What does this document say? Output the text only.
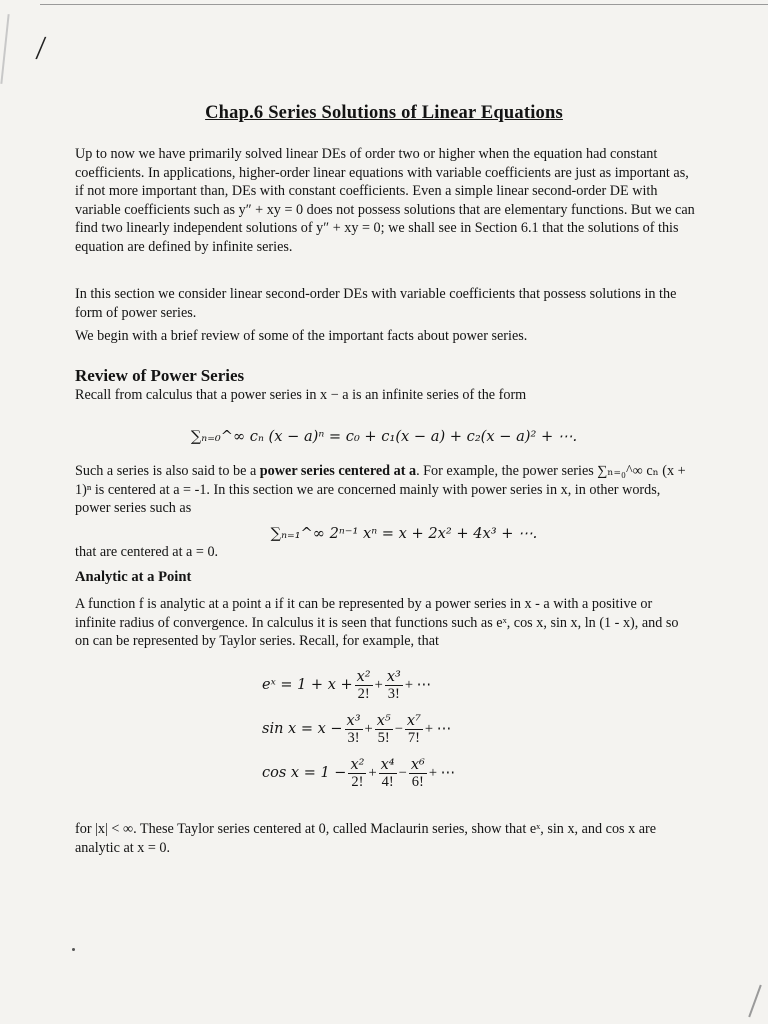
/
Chap.6 Series Solutions of Linear Equations
Up to now we have primarily solved linear DEs of order two or higher when the equation had constant coefficients. In applications, higher-order linear equations with variable coefficients are just as important as, if not more important than, DEs with constant coefficients. Even a simple linear second-order DE with variable coefficients such as y″ + xy = 0 does not possess solutions that are elementary functions. But we can find two linearly independent solutions of y″ + xy = 0; we shall see in Section 6.1 that the solutions of this equation are defined by infinite series.
In this section we consider linear second-order DEs with variable coefficients that possess solutions in the form of power series.
We begin with a brief review of some of the important facts about power series.
Review of Power Series
Recall from calculus that a power series in x − a is an infinite series of the form
∑ₙ₌₀^∞ cₙ (x − a)ⁿ = c₀ + c₁(x − a) + c₂(x − a)² + ⋯.
Such a series is also said to be a power series centered at a. For example, the power series ∑ₙ₌₀^∞ cₙ (x + 1)ⁿ is centered at a = -1. In this section we are concerned mainly with power series in x, in other words, power series such as
∑ₙ₌₁^∞ 2ⁿ⁻¹ xⁿ = x + 2x² + 4x³ + ⋯.
that are centered at a = 0.
Analytic at a Point
A function f is analytic at a point a if it can be represented by a power series in x - a with a positive or infinite radius of convergence. In calculus it is seen that functions such as eˣ, cos x, sin x, ln (1 - x), and so on can be represented by Taylor series. Recall, for example, that
eˣ = $1 + x + \frac{\text{x²}}{2!} + \frac{\text{x³}}{3!}$ + ⋯
$\sin x = x - \frac{\text{x³}}{3!} + \frac{\text{x⁵}}{5!} - \frac{\text{x⁷}}{7!}$ + ⋯
$\cos x = 1 - \frac{\text{x²}}{2!} + \frac{\text{x⁴}}{4!} - \frac{\text{x⁶}}{6!}$ + ⋯
for |x| < ∞. These Taylor series centered at 0, called Maclaurin series, show that eˣ, sin x, and cos x are analytic at x = 0.
